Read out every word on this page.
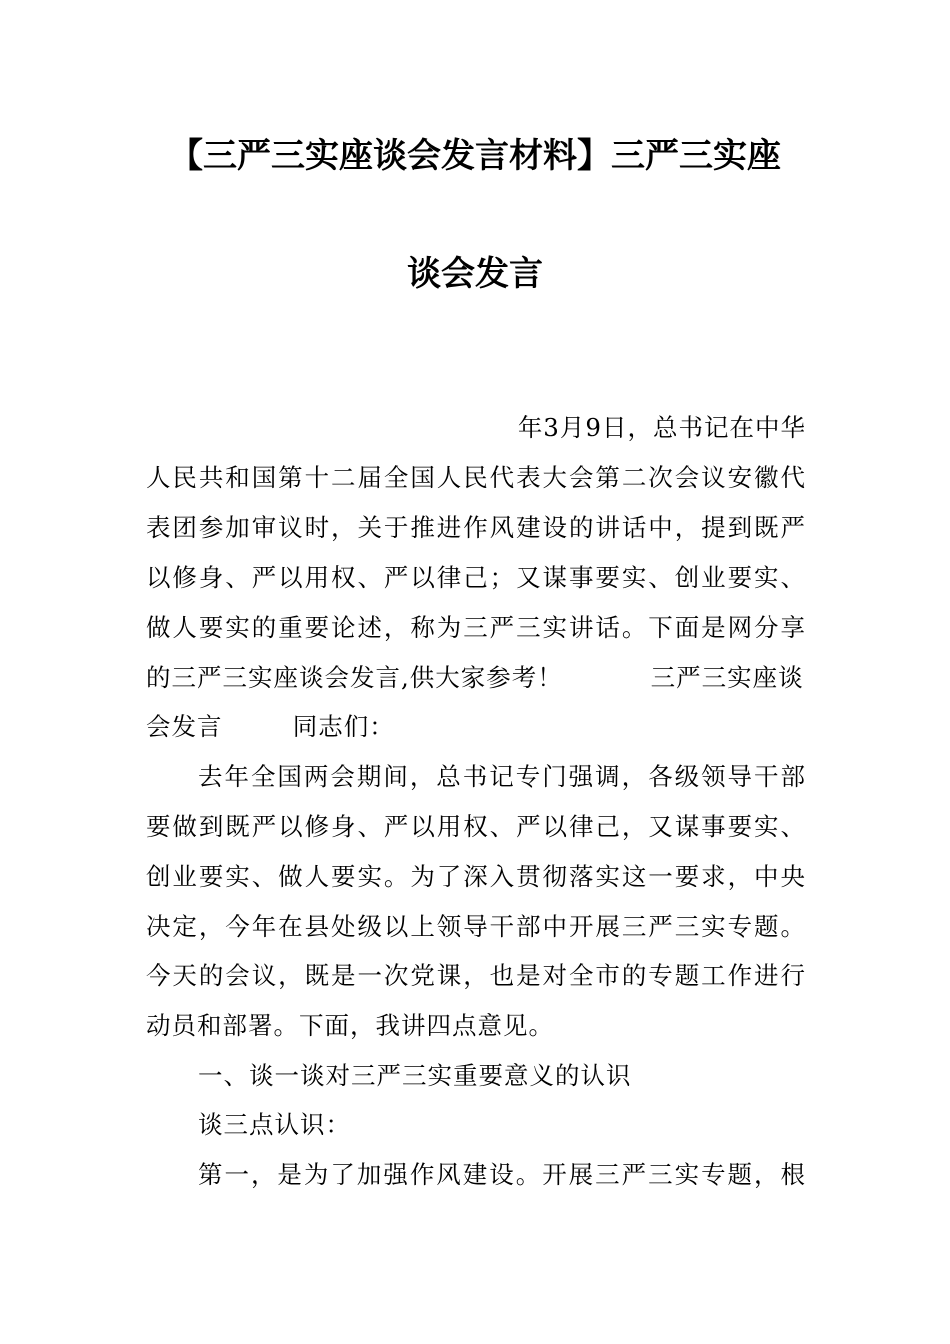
【三严三实座谈会发言材料】三严三实座
谈会发言
年3月9日，总书记在中华
人民共和国第十二届全国人民代表大会第二次会议安徽代
表团参加审议时，关于推进作风建设的讲话中，提到既严
以修身、严以用权、严以律己；又谋事要实、创业要实、
做人要实的重要论述，称为三严三实讲话。下面是网分享
的三严三实座谈会发言,供大家参考！          三严三实座谈
会发言        同志们：
去年全国两会期间，总书记专门强调，各级领导干部
要做到既严以修身、严以用权、严以律己，又谋事要实、
创业要实、做人要实。为了深入贯彻落实这一要求，中央
决定，今年在县处级以上领导干部中开展三严三实专题。
今天的会议，既是一次党课，也是对全市的专题工作进行
动员和部署。下面，我讲四点意见。
一、谈一谈对三严三实重要意义的认识
谈三点认识：
第一，是为了加强作风建设。开展三严三实专题，根
